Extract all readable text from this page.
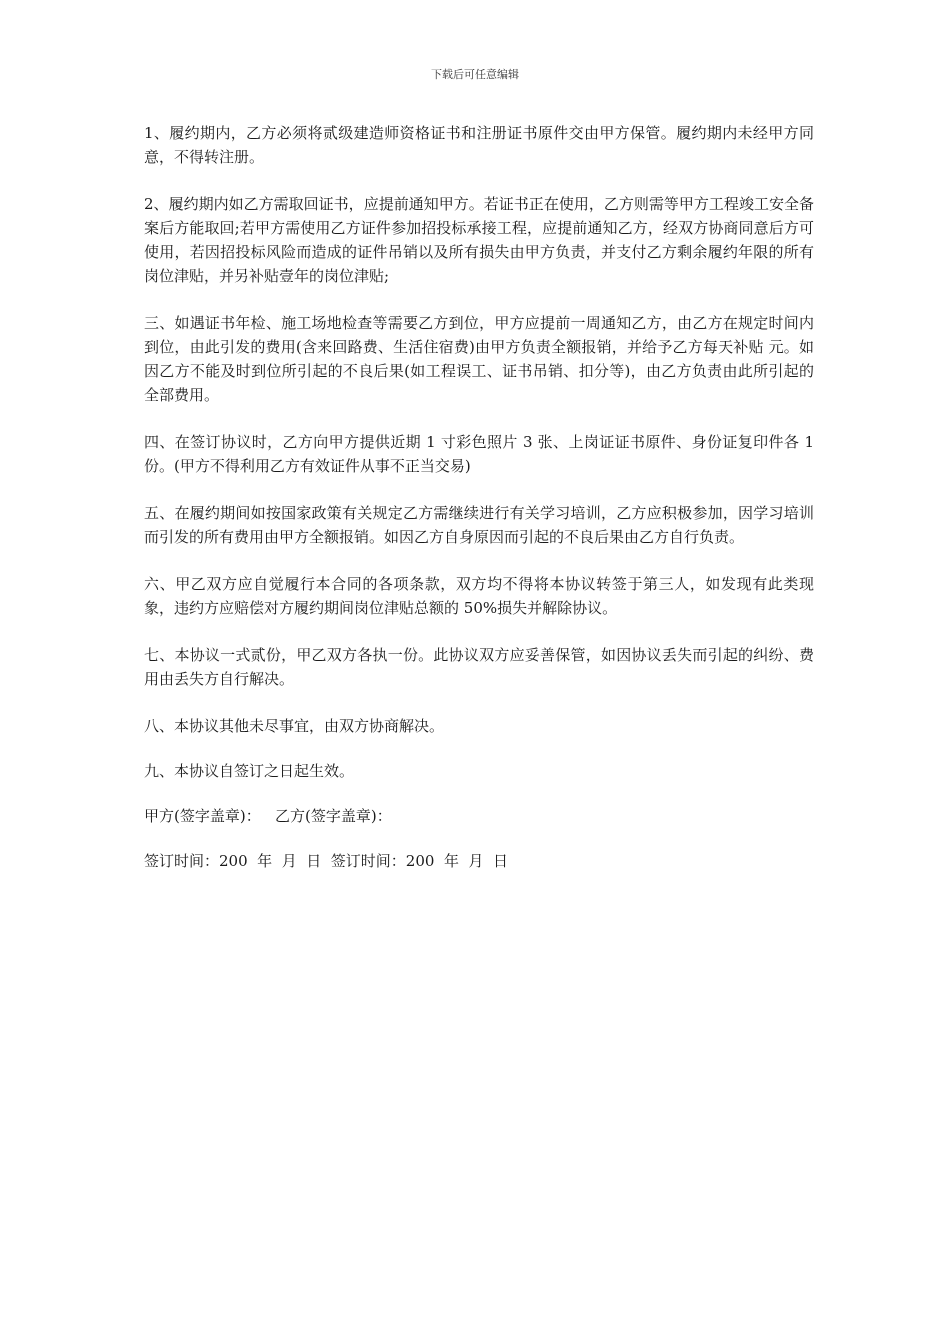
下载后可任意编辑

1、履约期内，乙方必须将贰级建造师资格证书和注册证书原件交由甲方保管。履约期内未经甲方同意，不得转注册。

2、履约期内如乙方需取回证书，应提前通知甲方。若证书正在使用，乙方则需等甲方工程竣工安全备案后方能取回;若甲方需使用乙方证件参加招投标承接工程，应提前通知乙方，经双方协商同意后方可使用，若因招投标风险而造成的证件吊销以及所有损失由甲方负责，并支付乙方剩余履约年限的所有岗位津贴，并另补贴壹年的岗位津贴;

三、如遇证书年检、施工场地检查等需要乙方到位，甲方应提前一周通知乙方，由乙方在规定时间内到位，由此引发的费用(含来回路费、生活住宿费)由甲方负责全额报销，并给予乙方每天补贴 元。如因乙方不能及时到位所引起的不良后果(如工程误工、证书吊销、扣分等)，由乙方负责由此所引起的全部费用。

四、在签订协议时，乙方向甲方提供近期 1 寸彩色照片 3 张、上岗证证书原件、身份证复印件各 1 份。(甲方不得利用乙方有效证件从事不正当交易)

五、在履约期间如按国家政策有关规定乙方需继续进行有关学习培训，乙方应积极参加，因学习培训而引发的所有费用由甲方全额报销。如因乙方自身原因而引起的不良后果由乙方自行负责。

六、甲乙双方应自觉履行本合同的各项条款，双方均不得将本协议转签于第三人，如发现有此类现象，违约方应赔偿对方履约期间岗位津贴总额的 50%损失并解除协议。

七、本协议一式贰份，甲乙双方各执一份。此协议双方应妥善保管，如因协议丢失而引起的纠纷、费用由丢失方自行解决。

八、本协议其他未尽事宜，由双方协商解决。

九、本协议自签订之日起生效。

甲方(签字盖章)：   乙方(签字盖章)：
签订时间：200  年  月  日  签订时间：200  年  月  日
